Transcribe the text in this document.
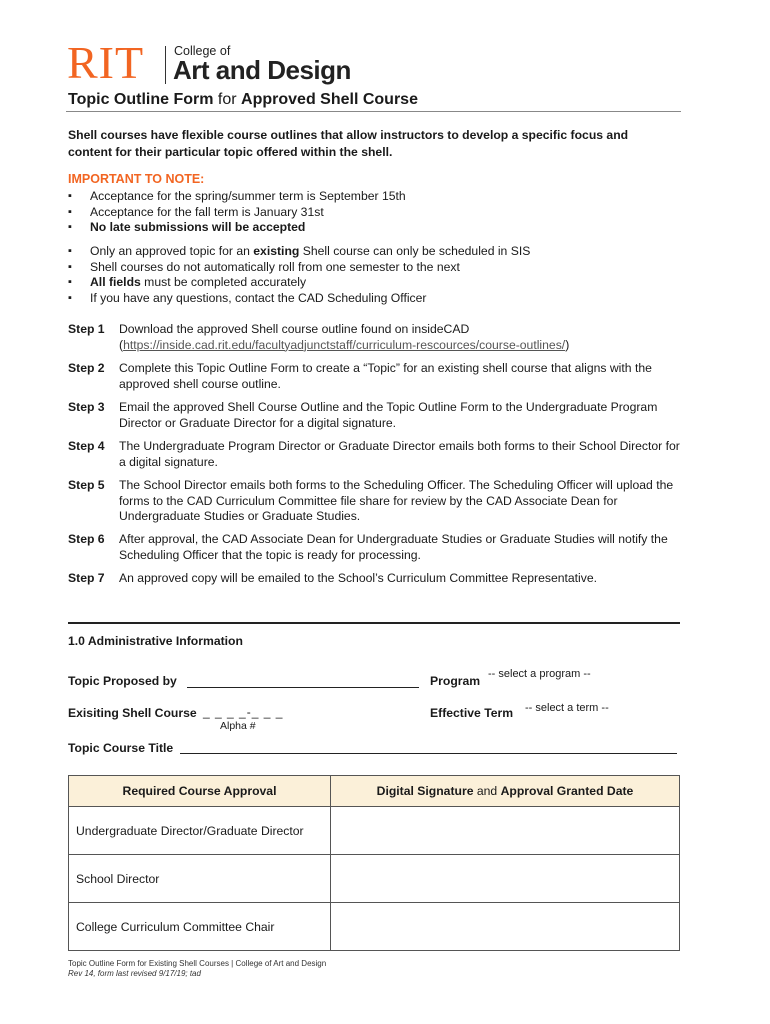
RIT College of
Art and Design
Topic Outline Form for Approved Shell Course
Shell courses have flexible course outlines that allow instructors to develop a specific focus and content for their particular topic offered within the shell.
IMPORTANT TO NOTE:
▪ Acceptance for the spring/summer term is September 15th
▪ Acceptance for the fall term is January 31st
▪ No late submissions will be accepted
▪ Only an approved topic for an existing Shell course can only be scheduled in SIS
▪ Shell courses do not automatically roll from one semester to the next
▪ All fields must be completed accurately
▪ If you have any questions, contact the CAD Scheduling Officer
Step 1	Download the approved Shell course outline found on insideCAD
(https://inside.cad.rit.edu/facultyadjunctstaff/curriculum-rescources/course-outlines/)
Step 2	Complete this Topic Outline Form to create a “Topic” for an existing shell course that aligns with the approved shell course outline.
Step 3	Email the approved Shell Course Outline and the Topic Outline Form to the Undergraduate Program Director or Graduate Director for a digital signature.
Step 4	The Undergraduate Program Director or Graduate Director emails both forms to their School Director for a digital signature.
Step 5	The School Director emails both forms to the Scheduling Officer. The Scheduling Officer will upload the forms to the CAD Curriculum Committee file share for review by the CAD Associate Dean for Undergraduate Studies or Graduate Studies.
Step 6	After approval, the CAD Associate Dean for Undergraduate Studies or Graduate Studies will notify the Scheduling Officer that the topic is ready for processing.
Step 7	An approved copy will be emailed to the School’s Curriculum Committee Representative.
1.0 Administrative Information
Topic Proposed by	Program -- select a program --
Exisiting Shell Course _ _ _ _-_ _ _
Alpha #
Effective Term -- select a term --
Topic Course Title
Required Course Approval	Digital Signature and Approval Granted Date
Undergraduate Director/Graduate Director	
School Director	
College Curriculum Committee Chair	
Topic Outline Form for Existing Shell Courses | College of Art and Design
Rev 14, form last revised 9/17/19; tad
